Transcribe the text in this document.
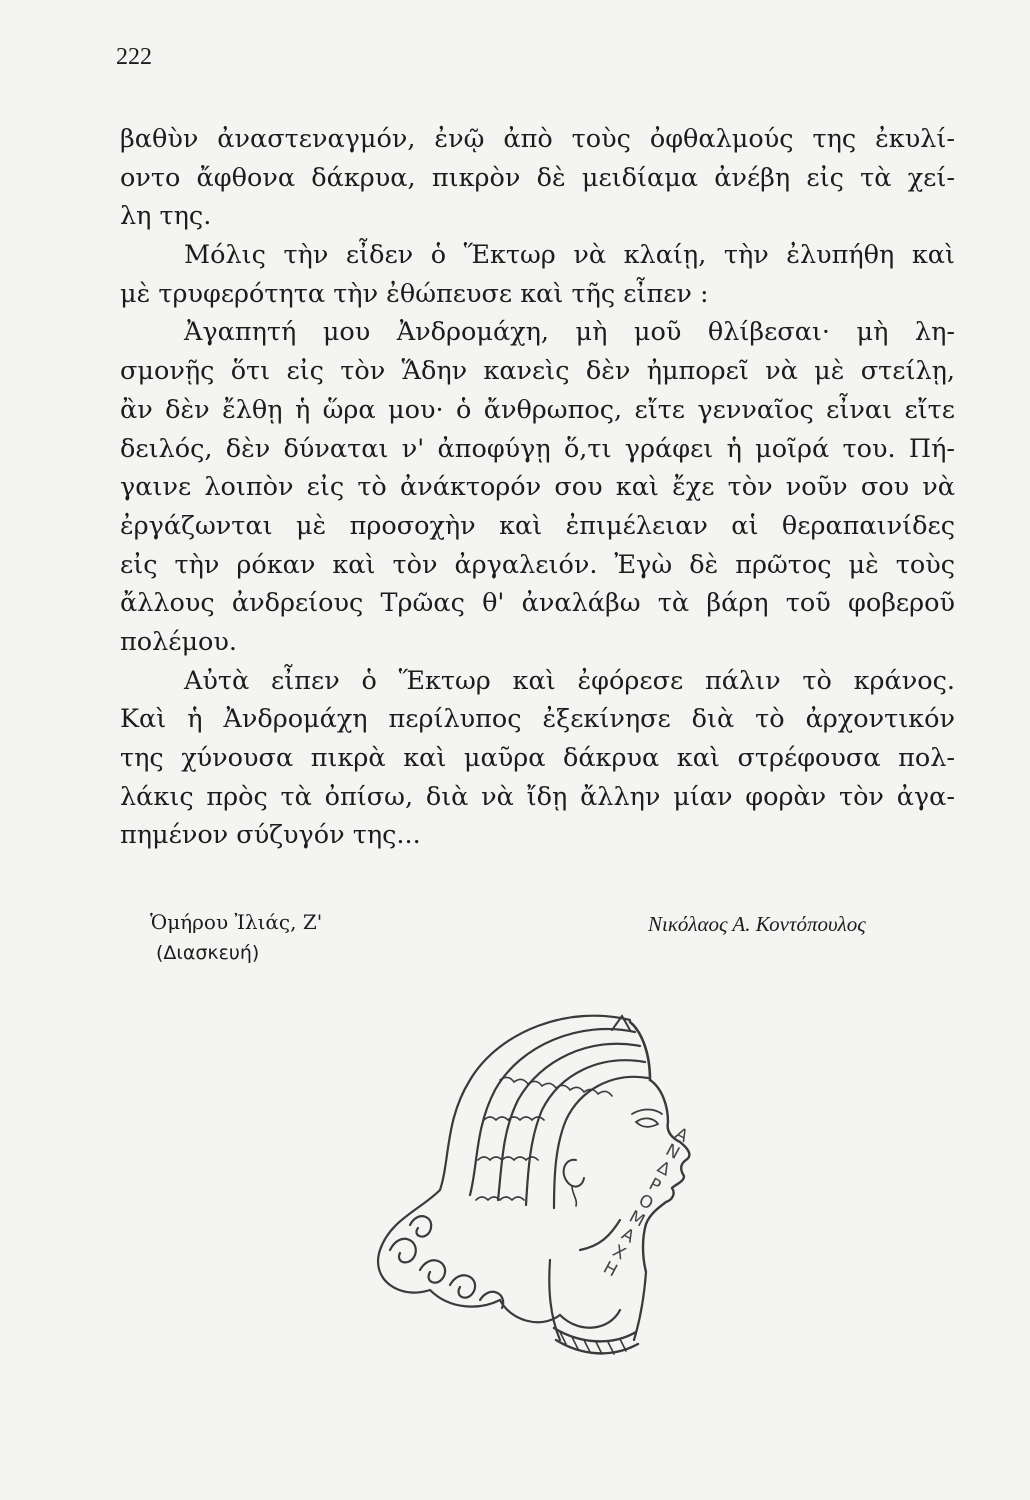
222
βαθὺν ἀναστεναγμόν, ἐνῷ ἀπὸ τοὺς ὀφθαλμούς της ἐκυλί-
οντο ἄφθονα δάκρυα, πικρὸν δὲ μειδίαμα ἀνέβη εἰς τὰ χεί-
λη της.
Μόλις τὴν εἶδεν ὁ Ἕκτωρ νὰ κλαίῃ, τὴν ἐλυπήθη καὶ
μὲ τρυφερότητα τὴν ἐθώπευσε καὶ τῆς εἶπεν :
Ἀγαπητή μου Ἀνδρομάχη, μὴ μοῦ θλίβεσαι· μὴ λη-
σμονῇς ὅτι εἰς τὸν Ἅδην κανεὶς δὲν ἠμπορεῖ νὰ μὲ στείλῃ,
ἂν δὲν ἔλθῃ ἡ ὥρα μου· ὁ ἄνθρωπος, εἴτε γενναῖος εἶναι εἴτε
δειλός, δὲν δύναται ν' ἀποφύγῃ ὅ,τι γράφει ἡ μοῖρά του. Πή-
γαινε λοιπὸν εἰς τὸ ἀνάκτορόν σου καὶ ἔχε τὸν νοῦν σου νὰ
ἐργάζωνται μὲ προσοχὴν καὶ ἐπιμέλειαν αἱ θεραπαινίδες
εἰς τὴν ρόκαν καὶ τὸν ἀργαλειόν. Ἐγὼ δὲ πρῶτος μὲ τοὺς
ἄλλους ἀνδρείους Τρῶας θ' ἀναλάβω τὰ βάρη τοῦ φοβεροῦ
πολέμου.
Αὐτὰ εἶπεν ὁ Ἕκτωρ καὶ ἐφόρεσε πάλιν τὸ κράνος.
Καὶ ἡ Ἀνδρομάχη περίλυπος ἐξεκίνησε διὰ τὸ ἀρχοντικόν
της χύνουσα πικρὰ καὶ μαῦρα δάκρυα καὶ στρέφουσα πολ-
λάκις πρὸς τὰ ὀπίσω, διὰ νὰ ἴδῃ ἄλλην μίαν φορὰν τὸν ἀγα-
πημένον σύζυγόν της...
Ὁμήρου Ἰλιάς, Ζ'
(Διασκευή)
Νικόλαος Α. Κοντόπουλος
Α
Ν
Δ
Ρ
Ο
Μ
Α
Χ
Η
